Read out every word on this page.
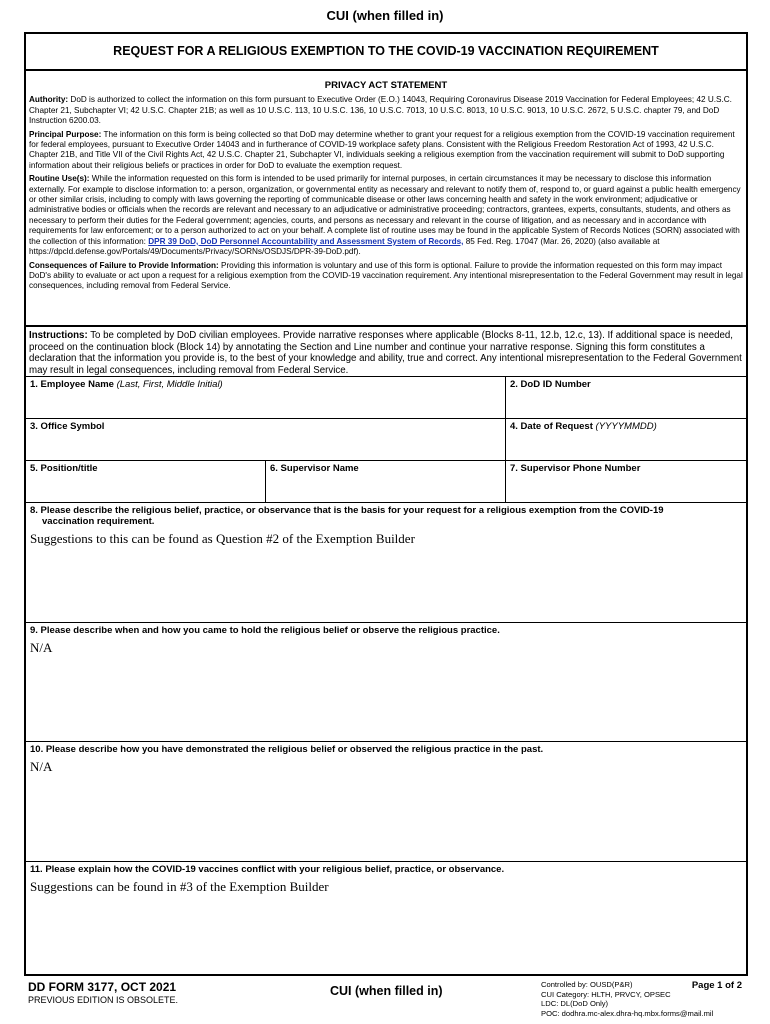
CUI (when filled in)
REQUEST FOR A RELIGIOUS EXEMPTION TO THE COVID-19 VACCINATION REQUIREMENT
PRIVACY ACT STATEMENT

Authority: DoD is authorized to collect the information on this form pursuant to Executive Order (E.O.) 14043, Requiring Coronavirus Disease 2019 Vaccination for Federal Employees; 42 U.S.C. Chapter 21, Subchapter VI; 42 U.S.C. Chapter 21B; as well as 10 U.S.C. 113, 10 U.S.C. 136, 10 U.S.C. 7013, 10 U.S.C. 8013, 10 U.S.C. 9013, 10 U.S.C. 2672, 5 U.S.C. chapter 79, and DoD Instruction 6200.03.

Principal Purpose: The information on this form is being collected so that DoD may determine whether to grant your request for a religious exemption from the COVID-19 vaccination requirement for federal employees, pursuant to Executive Order 14043 and in furtherance of COVID-19 workplace safety plans. Consistent with the Religious Freedom Restoration Act of 1993, 42 U.S.C. Chapter 21B, and Title VII of the Civil Rights Act, 42 U.S.C. Chapter 21, Subchapter VI, individuals seeking a religious exemption from the vaccination requirement will submit to DoD supporting information about their religious beliefs or practices in order for DoD to evaluate the exemption request.

Routine Use(s): While the information requested on this form is intended to be used primarily for internal purposes, in certain circumstances it may be necessary to disclose this information externally. For example to disclose information to: a person, organization, or governmental entity as necessary and relevant to notify them of, respond to, or guard against a public health emergency or other similar crisis, including to comply with laws governing the reporting of communicable disease or other laws concerning health and safety in the work environment; adjudicative or administrative bodies or officials when the records are relevant and necessary to an adjudicative or administrative proceeding; contractors, grantees, experts, consultants, students, and others as necessary to perform their duties for the Federal government; agencies, courts, and persons as necessary and relevant in the course of litigation, and as necessary and in accordance with requirements for law enforcement; or to a person authorized to act on your behalf. A complete list of routine uses may be found in the applicable System of Records Notices (SORN) associated with the collection of this information: DPR 39 DoD, DoD Personnel Accountability and Assessment System of Records, 85 Fed. Reg. 17047 (Mar. 26, 2020) (also available at https://dpcld.defense.gov/Portals/49/Documents/Privacy/SORNs/OSDJS/DPR-39-DoD.pdf).

Consequences of Failure to Provide Information: Providing this information is voluntary and use of this form is optional. Failure to provide the information requested on this form may impact DoD's ability to evaluate or act upon a request for a religious exemption from the COVID-19 vaccination requirement. Any intentional misrepresentation to the Federal Government may result in legal consequences, including removal from Federal Service.

Instructions: To be completed by DoD civilian employees. Provide narrative responses where applicable (Blocks 8-11, 12.b, 12.c, 13). If additional space is needed, proceed on the continuation block (Block 14) by annotating the Section and Line number and continue your narrative response. Signing this form constitutes a declaration that the information you provide is, to the best of your knowledge and ability, true and correct. Any intentional misrepresentation to the Federal Government may result in legal consequences, including removal from Federal Service.
1. Employee Name (Last, First, Middle Initial)	2. DoD ID Number
3. Office Symbol	4. Date of Request (YYYYMMDD)
5. Position/title	6. Supervisor Name	7. Supervisor Phone Number
8. Please describe the religious belief, practice, or observance that is the basis for your request for a religious exemption from the COVID-19
vaccination requirement.
Suggestions to this can be found as Question #2 of the Exemption Builder
9. Please describe when and how you came to hold the religious belief or observe the religious practice.
N/A
10. Please describe how you have demonstrated the religious belief or observed the religious practice in the past.
N/A
11. Please explain how the COVID-19 vaccines conflict with your religious belief, practice, or observance.
Suggestions can be found in #3 of the Exemption Builder
DD FORM 3177, OCT 2021
PREVIOUS EDITION IS OBSOLETE.
CUI (when filled in)	Controlled by: OUSD(P&R)
CUI Category: HLTH, PRVCY, OPSEC
LDC: DL(DoD Only)
POC: dodhra.mc-alex.dhra-hq.mbx.forms@mail.mil
Page 1 of 2
